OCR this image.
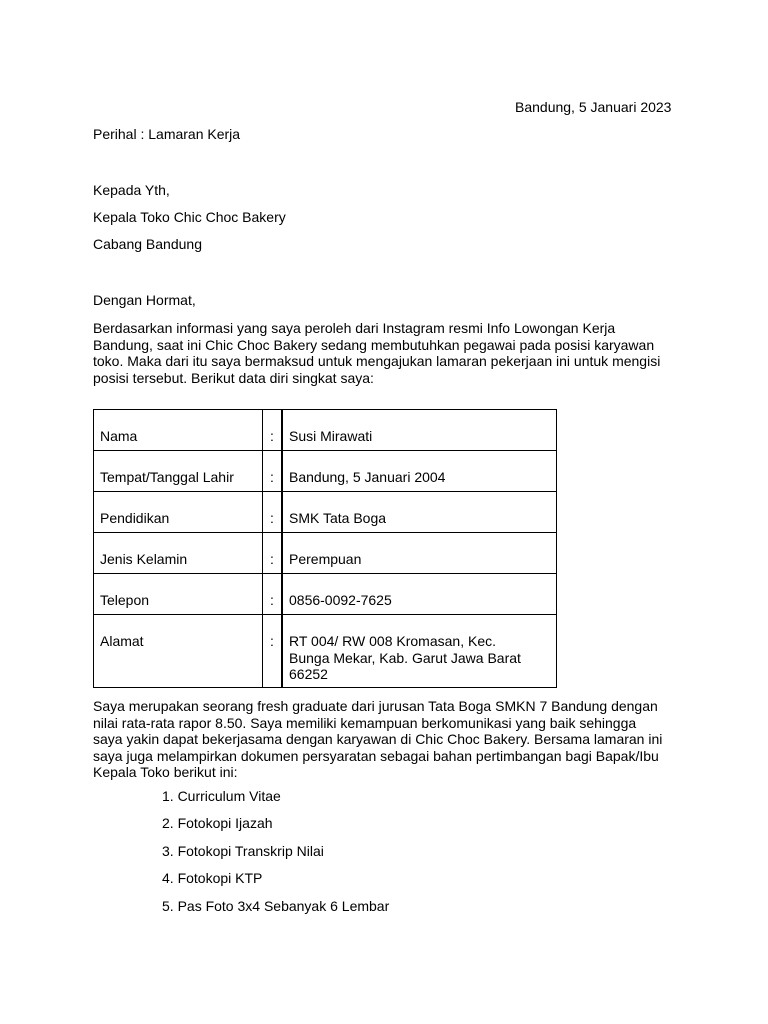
Bandung, 5 Januari 2023

Perihal : Lamaran Kerja

Kepada Yth,

Kepala Toko Chic Choc Bakery

Cabang Bandung

Dengan Hormat,

Berdasarkan informasi yang saya peroleh dari Instagram resmi Info Lowongan Kerja
Bandung, saat ini Chic Choc Bakery sedang membutuhkan pegawai pada posisi karyawan
toko. Maka dari itu saya bermaksud untuk mengajukan lamaran pekerjaan ini untuk mengisi
posisi tersebut. Berikut data diri singkat saya:
Nama	:	Susi Mirawati
Tempat/Tanggal Lahir	:	Bandung, 5 Januari 2004
Pendidikan	:	SMK Tata Boga
Jenis Kelamin	:	Perempuan
Telepon	:	0856-0092-7625
Alamat	:	RT 004/ RW 008 Kromasan, Kec.
Bunga Mekar, Kab. Garut Jawa Barat
66252
Saya merupakan seorang fresh graduate dari jurusan Tata Boga SMKN 7 Bandung dengan
nilai rata-rata rapor 8.50. Saya memiliki kemampuan berkomunikasi yang baik sehingga
saya yakin dapat bekerjasama dengan karyawan di Chic Choc Bakery. Bersama lamaran ini
saya juga melampirkan dokumen persyaratan sebagai bahan pertimbangan bagi Bapak/Ibu
Kepala Toko berikut ini:
1. Curriculum Vitae
2. Fotokopi Ijazah
3. Fotokopi Transkrip Nilai
4. Fotokopi KTP
5. Pas Foto 3x4 Sebanyak 6 Lembar
